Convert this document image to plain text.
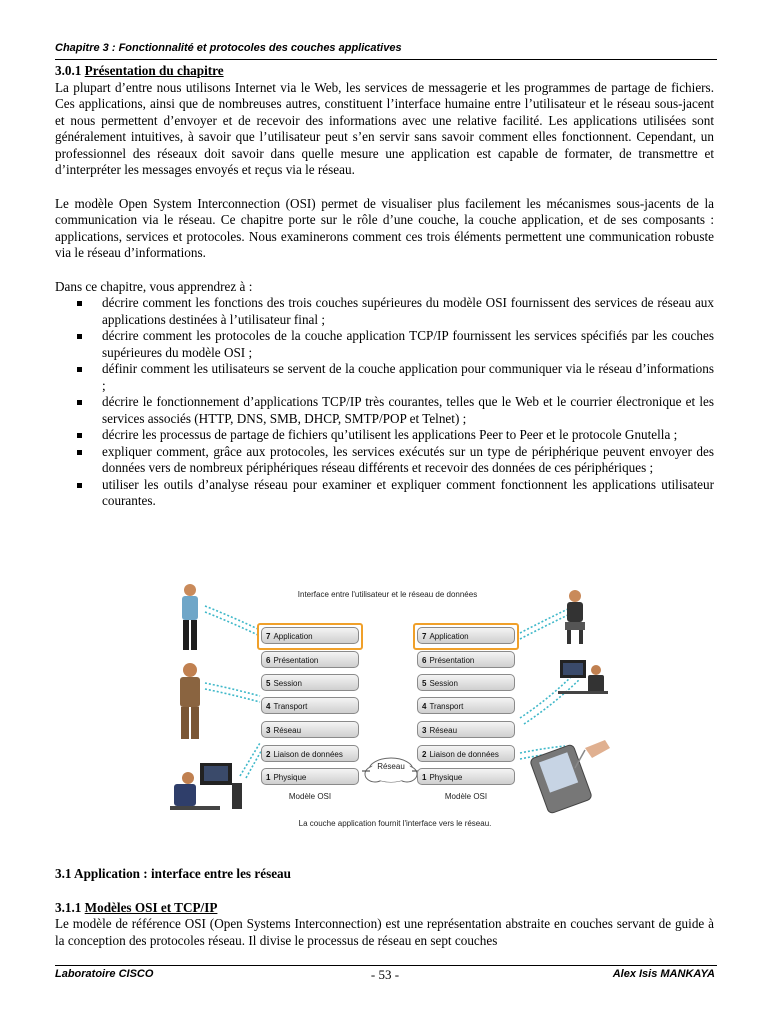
Chapitre 3 : Fonctionnalité et protocoles des couches applicatives
3.0.1 Présentation du chapitre

La plupart d’entre nous utilisons Internet via le Web, les services de messagerie et les programmes de partage de fichiers. Ces applications, ainsi que de nombreuses autres, constituent l’interface humaine entre l’utilisateur et le réseau sous-jacent et nous permettent d’envoyer et de recevoir des informations avec une relative facilité. Les applications utilisées sont généralement intuitives, à savoir que l’utilisateur peut s’en servir sans savoir comment elles fonctionnent. Cependant, un professionnel des réseaux doit savoir dans quelle mesure une application est capable de formater, de transmettre et d’interpréter les messages envoyés et reçus via le réseau.

Le modèle Open System Interconnection (OSI) permet de visualiser plus facilement les mécanismes sous-jacents de la communication via le réseau. Ce chapitre porte sur le rôle d’une couche, la couche application, et de ses composants : applications, services et protocoles. Nous examinerons comment ces trois éléments permettent une communication robuste via le réseau d’informations.

Dans ce chapitre, vous apprendrez à :

décrire comment les fonctions des trois couches supérieures du modèle OSI fournissent des services de réseau aux applications destinées à l’utilisateur final ;
décrire comment les protocoles de la couche application TCP/IP fournissent les services spécifiés par les couches supérieures du modèle OSI ;
définir comment les utilisateurs se servent de la couche application pour communiquer via le réseau d’informations ;
décrire le fonctionnement d’applications TCP/IP très courantes, telles que le Web et le courrier électronique et les services associés (HTTP, DNS, SMB, DHCP, SMTP/POP et Telnet) ;
décrire les processus de partage de fichiers qu’utilisent les applications Peer to Peer et le protocole Gnutella ;
expliquer comment, grâce aux protocoles, les services exécutés sur un type de périphérique peuvent envoyer des données vers de nombreux périphériques réseau différents et recevoir des données de ces périphériques ;
utiliser les outils d’analyse réseau pour examiner et expliquer comment fonctionnent les applications utilisateur courantes.
Interface entre l'utilisateur et le réseau de données
7 Application
6 Présentation
5 Session
4 Transport
3 Réseau
2 Liaison de données
1 Physique
Modèle OSI
7 Application
6 Présentation
5 Session
4 Transport
3 Réseau
2 Liaison de données
1 Physique
Modèle OSI
Réseau
La couche application fournit l'interface vers le réseau.
3.1 Application : interface entre les réseau
3.1.1 Modèles OSI et TCP/IP

Le modèle de référence OSI (Open Systems Interconnection) est une représentation abstraite en couches servant de guide à la conception des protocoles réseau. Il divise le processus de réseau en sept couches

Laboratoire CISCO	- 53 -	Alex Isis MANKAYA
